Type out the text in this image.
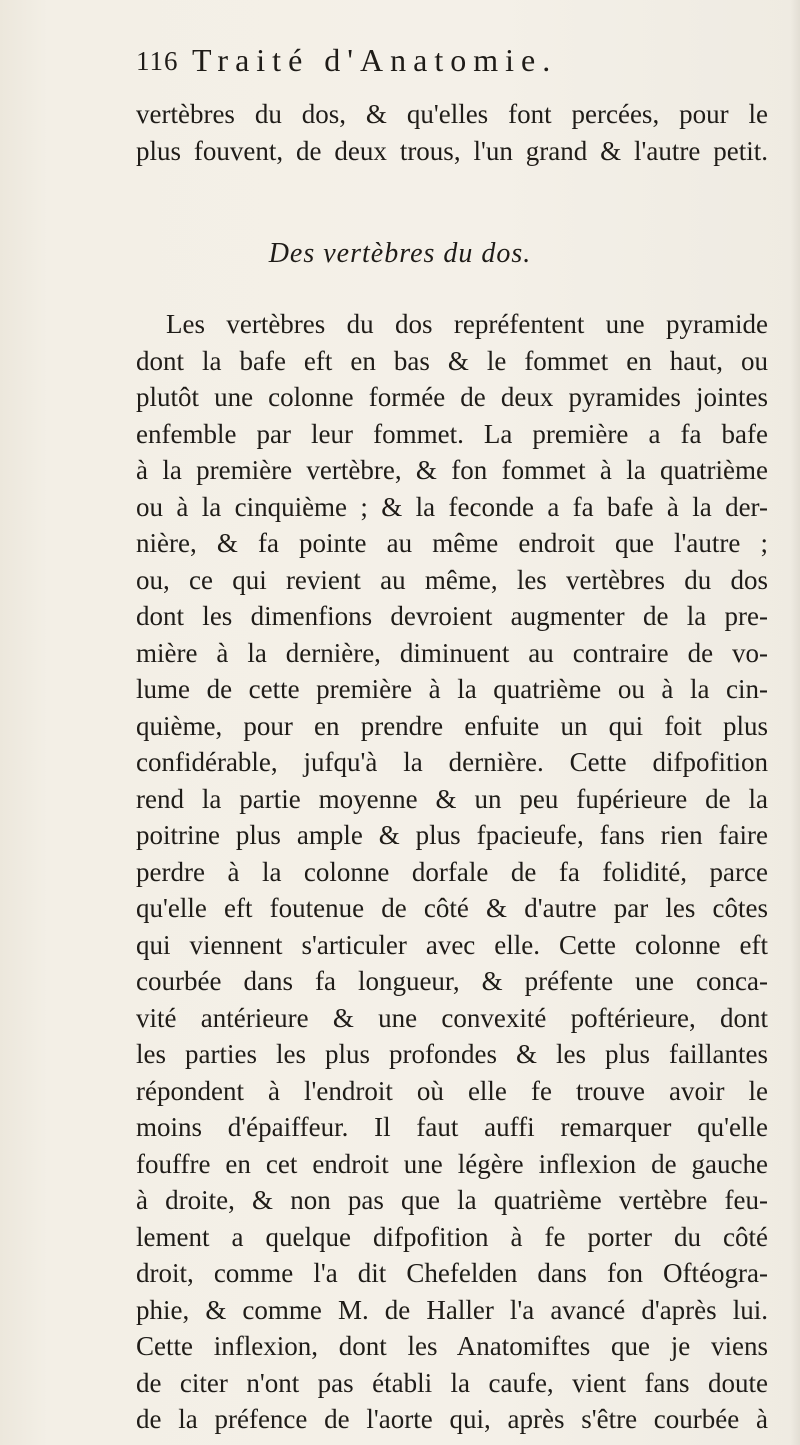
116 Traité d'Anatomie.
vertèbres du dos, & qu'elles font percées, pour le
plus fouvent, de deux trous, l'un grand & l'autre petit.
Des vertèbres du dos.
Les vertèbres du dos repréfentent une pyramide
dont la bafe eft en bas & le fommet en haut, ou
plutôt une colonne formée de deux pyramides jointes
enfemble par leur fommet. La première a fa bafe
à la première vertèbre, & fon fommet à la quatrième
ou à la cinquième ; & la feconde a fa bafe à la der-
nière, & fa pointe au même endroit que l'autre ;
ou, ce qui revient au même, les vertèbres du dos
dont les dimenfions devroient augmenter de la pre-
mière à la dernière, diminuent au contraire de vo-
lume de cette première à la quatrième ou à la cin-
quième, pour en prendre enfuite un qui foit plus
confidérable, jufqu'à la dernière. Cette difpofition
rend la partie moyenne & un peu fupérieure de la
poitrine plus ample & plus fpacieufe, fans rien faire
perdre à la colonne dorfale de fa folidité, parce
qu'elle eft foutenue de côté & d'autre par les côtes
qui viennent s'articuler avec elle. Cette colonne eft
courbée dans fa longueur, & préfente une conca-
vité antérieure & une convexité poftérieure, dont
les parties les plus profondes & les plus faillantes
répondent à l'endroit où elle fe trouve avoir le
moins d'épaiffeur. Il faut auffi remarquer qu'elle
fouffre en cet endroit une légère inflexion de gauche
à droite, & non pas que la quatrième vertèbre feu-
lement a quelque difpofition à fe porter du côté
droit, comme l'a dit Chefelden dans fon Oftéogra-
phie, & comme M. de Haller l'a avancé d'après lui.
Cette inflexion, dont les Anatomiftes que je viens
de citer n'ont pas établi la caufe, vient fans doute
de la préfence de l'aorte qui, après s'être courbée à
